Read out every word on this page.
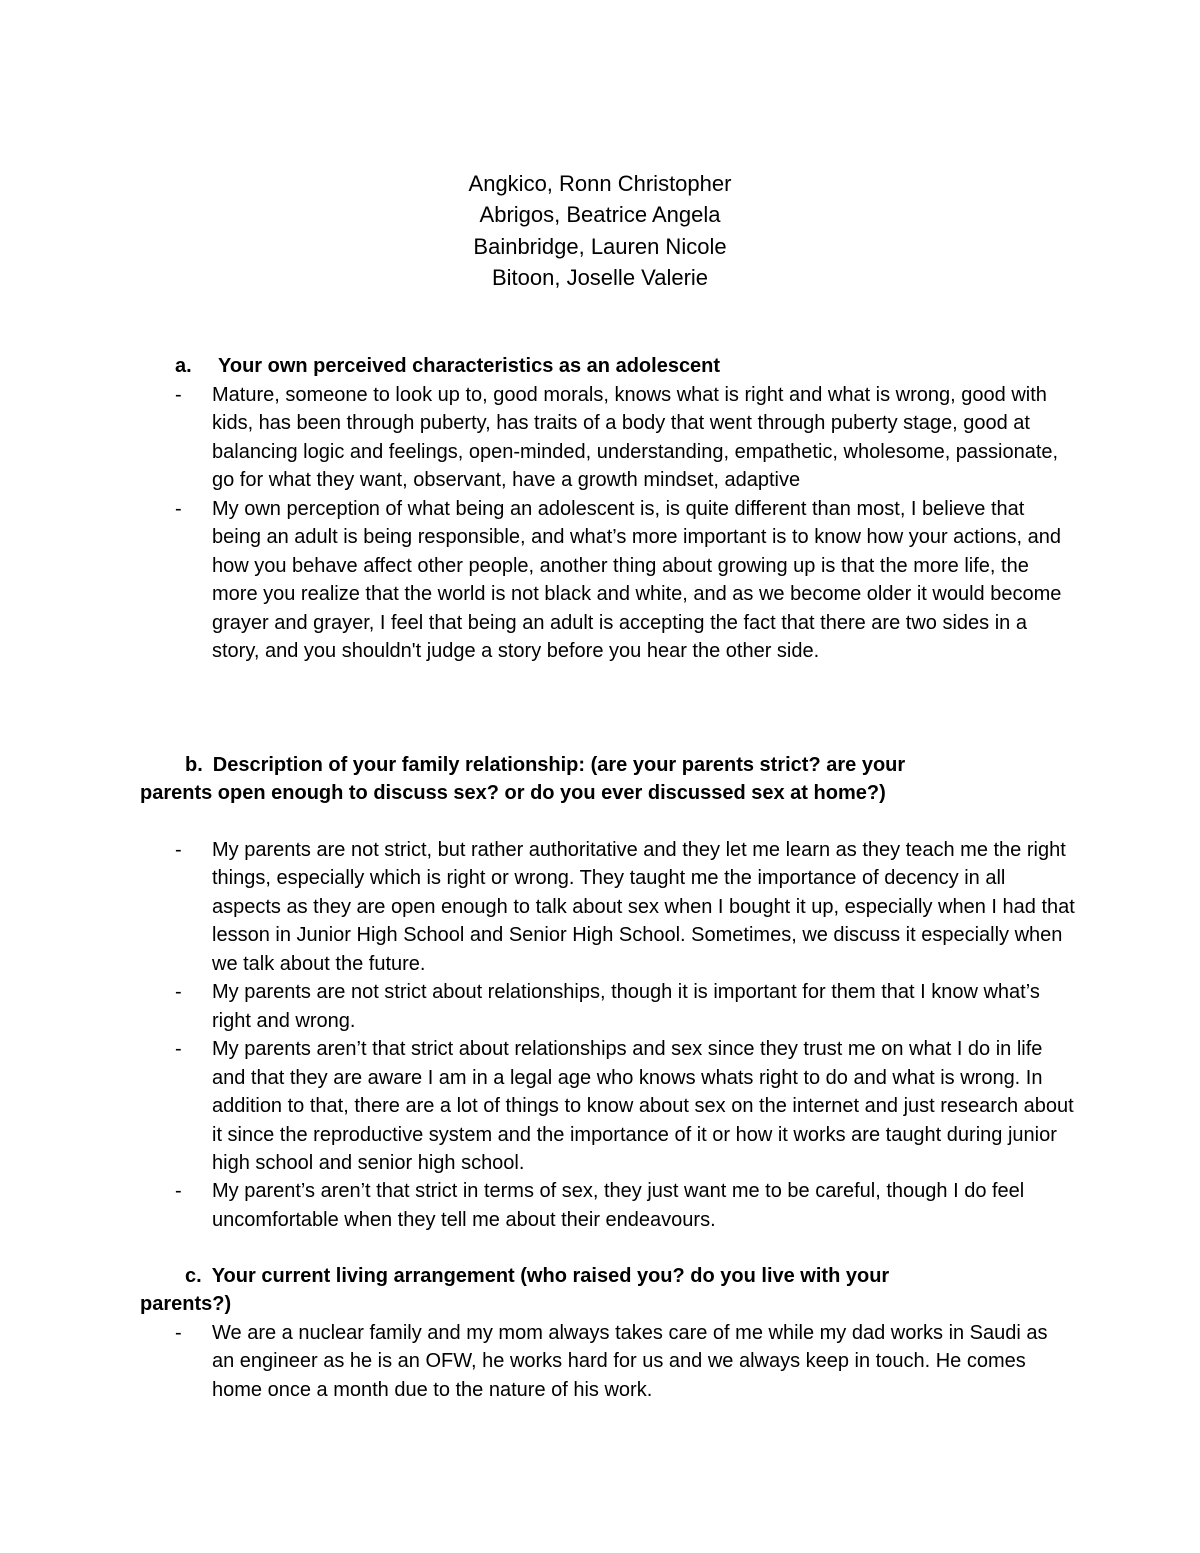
Angkico, Ronn Christopher
Abrigos, Beatrice Angela
Bainbridge, Lauren Nicole
Bitoon, Joselle Valerie
a. Your own perceived characteristics as an adolescent
- Mature, someone to look up to, good morals, knows what is right and what is wrong, good with kids, has been through puberty, has traits of a body that went through puberty stage, good at balancing logic and feelings, open-minded, understanding, empathetic, wholesome, passionate, go for what they want, observant, have a growth mindset, adaptive
- My own perception of what being an adolescent is, is quite different than most, I believe that being an adult is being responsible, and what’s more important is to know how your actions, and how you behave affect other people, another thing about growing up is that the more life, the more you realize that the world is not black and white, and as we become older it would become grayer and grayer, I feel that being an adult is accepting the fact that there are two sides in a story, and you shouldn't judge a story before you hear the other side.
b. Description of your family relationship: (are your parents strict? are your parents open enough to discuss sex? or do you ever discussed sex at home?)
- My parents are not strict, but rather authoritative and they let me learn as they teach me the right things, especially which is right or wrong. They taught me the importance of decency in all aspects as they are open enough to talk about sex when I bought it up, especially when I had that lesson in Junior High School and Senior High School. Sometimes, we discuss it especially when we talk about the future.
- My parents are not strict about relationships, though it is important for them that I know what’s right and wrong.
- My parents aren’t that strict about relationships and sex since they trust me on what I do in life and that they are aware I am in a legal age who knows whats right to do and what is wrong. In addition to that, there are a lot of things to know about sex on the internet and just research about it since the reproductive system and the importance of it or how it works are taught during junior high school and senior high school.
- My parent’s aren’t that strict in terms of sex, they just want me to be careful, though I do feel uncomfortable when they tell me about their endeavours.
c. Your current living arrangement (who raised you? do you live with your parents?)
- We are a nuclear family and my mom always takes care of me while my dad works in Saudi as an engineer as he is an OFW, he works hard for us and we always keep in touch. He comes home once a month due to the nature of his work.
